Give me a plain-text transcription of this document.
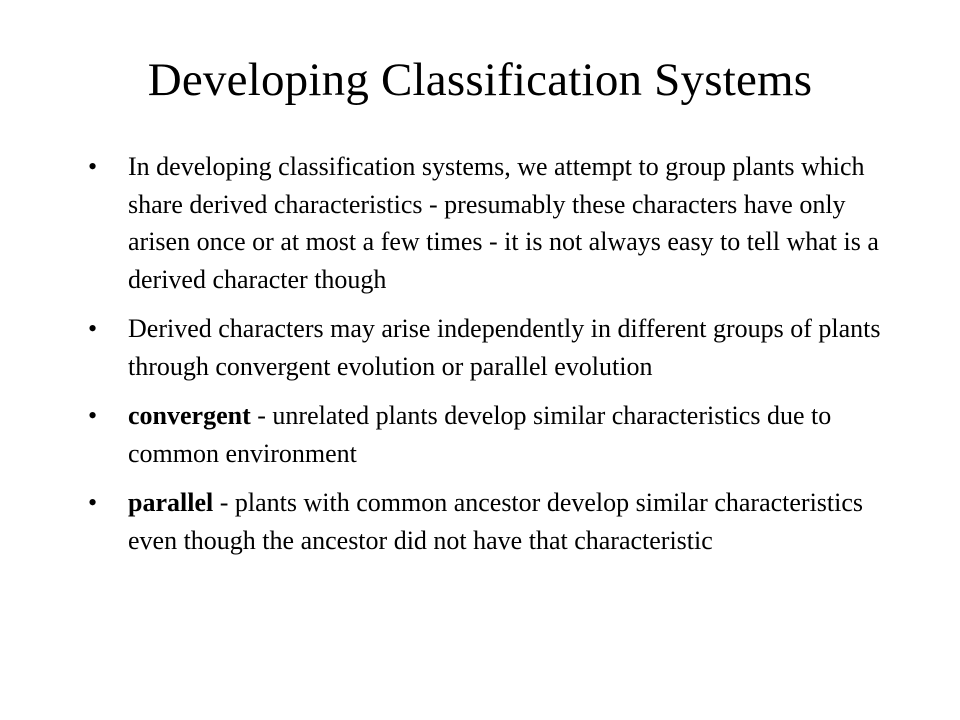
Developing Classification Systems
• In developing classification systems, we attempt to group plants which share derived characteristics - presumably these characters have only arisen once or at most a few times - it is not always easy to tell what is a derived character though
• Derived characters may arise independently in different groups of plants through convergent evolution or parallel evolution
• convergent - unrelated plants develop similar characteristics due to common environment
• parallel - plants with common ancestor develop similar characteristics even though the ancestor did not have that characteristic
